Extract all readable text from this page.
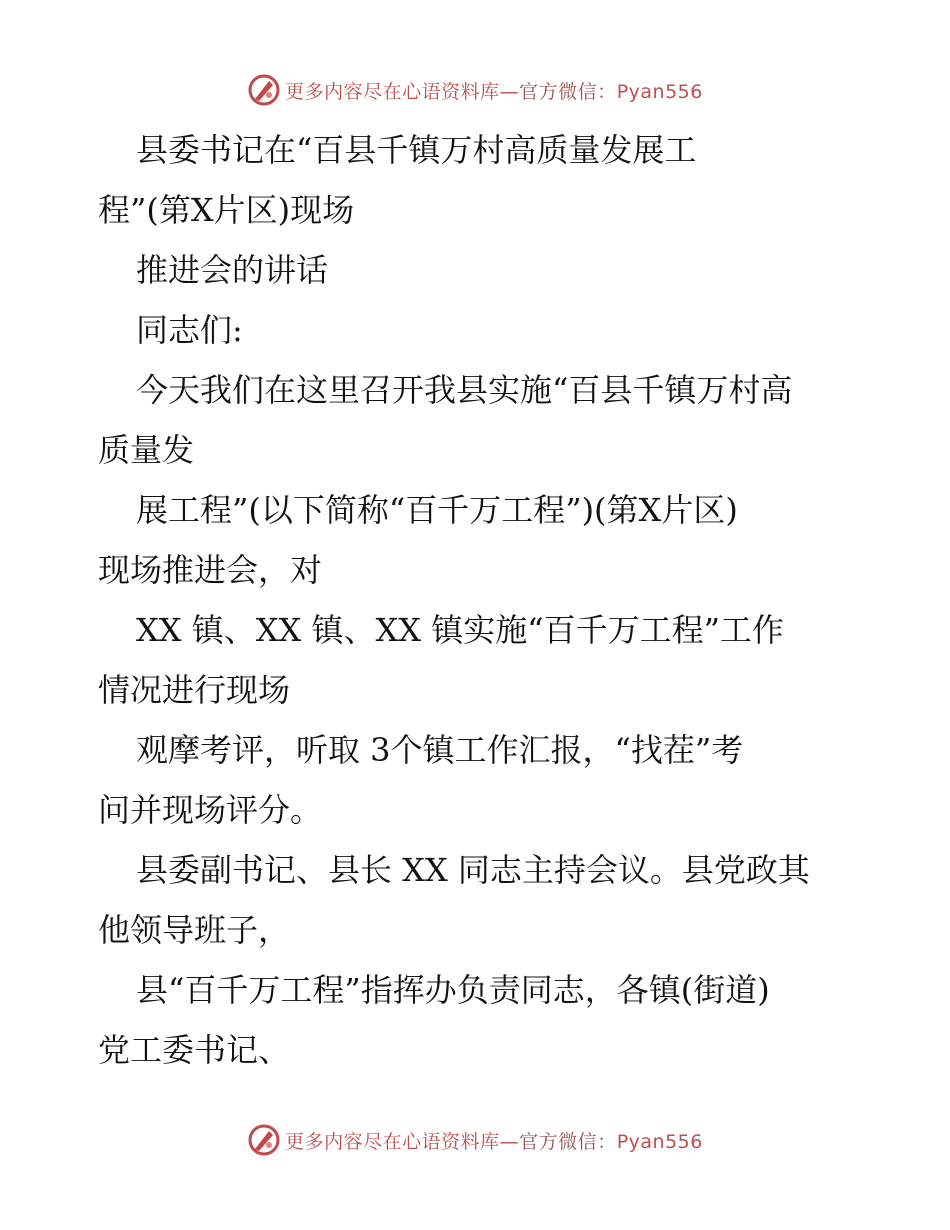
更多内容尽在心语资料库—官方微信：Pyan556

县委书记在“百县千镇万村高质量发展工

程”(第X片区)现场

推进会的讲话

同志们:

今天我们在这里召开我县实施“百县千镇万村高

质量发

展工程”(以下简称“百千万工程”)(第X片区)

现场推进会，对

XX 镇、XX 镇、XX 镇实施“百千万工程”工作

情况进行现场

观摩考评，听取 3个镇工作汇报，“找茬”考

问并现场评分。

县委副书记、县长 XX 同志主持会议。县党政其

他领导班子，

县“百千万工程”指挥办负责同志，各镇(街道)

党工委书记、

更多内容尽在心语资料库—官方微信：Pyan556
